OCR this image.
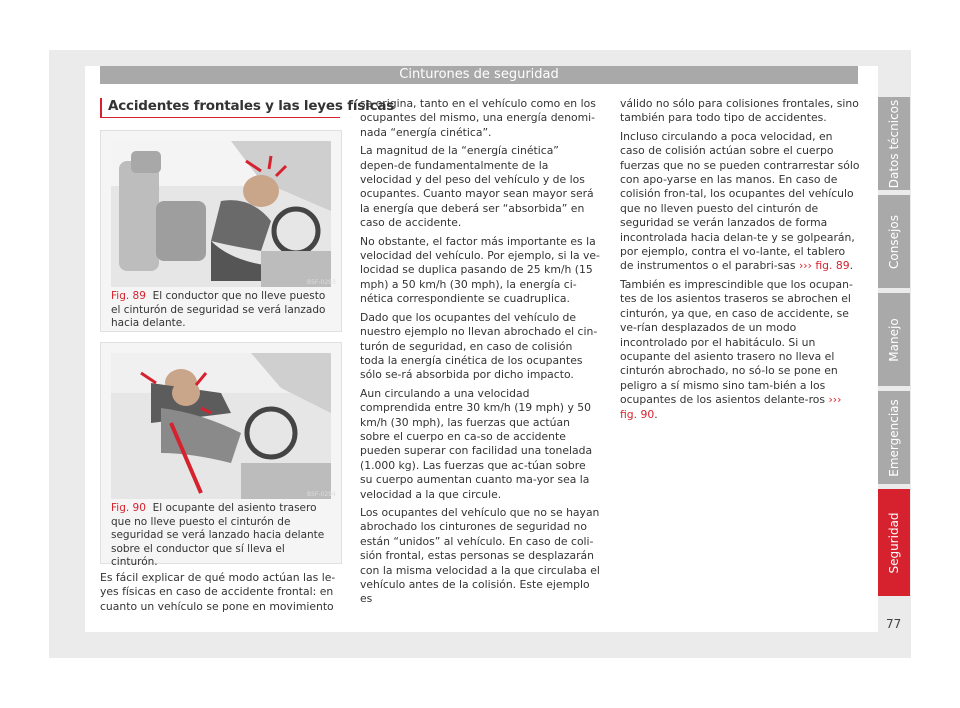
Cinturones de seguridad
Datos técnicos
Consejos
Manejo
Emergencias
Seguridad
77
Accidentes frontales y las leyes físicas
B5F-0293
Fig. 89 El conductor que no lleve puesto el cinturón de seguridad se verá lanzado hacia delante.
B5F-0294
Fig. 90 El ocupante del asiento trasero que no lleve puesto el cinturón de seguridad se verá lanzado hacia delante sobre el conductor que sí lleva el cinturón.

Es fácil explicar de qué modo actúan las le-yes físicas en caso de accidente frontal: en cuanto un vehículo se pone en movimiento

se origina, tanto en el vehículo como en los ocupantes del mismo, una energía denomi-nada “energía cinética”.

La magnitud de la “energía cinética” depen-de fundamentalmente de la velocidad y del peso del vehículo y de los ocupantes. Cuanto mayor sean mayor será la energía que deberá ser “absorbida” en caso de accidente.

No obstante, el factor más importante es la velocidad del vehículo. Por ejemplo, si la ve-locidad se duplica pasando de 25 km/h (15 mph) a 50 km/h (30 mph), la energía ci-nética correspondiente se cuadruplica.

Dado que los ocupantes del vehículo de nuestro ejemplo no llevan abrochado el cin-turón de seguridad, en caso de colisión toda la energía cinética de los ocupantes sólo se-rá absorbida por dicho impacto.

Aun circulando a una velocidad comprendida entre 30 km/h (19 mph) y 50 km/h (30 mph), las fuerzas que actúan sobre el cuerpo en ca-so de accidente pueden superar con facilidad una tonelada (1.000 kg). Las fuerzas que ac-túan sobre su cuerpo aumentan cuanto ma-yor sea la velocidad a la que circule.

Los ocupantes del vehículo que no se hayan abrochado los cinturones de seguridad no están “unidos” al vehículo. En caso de coli-sión frontal, estas personas se desplazarán con la misma velocidad a la que circulaba el vehículo antes de la colisión. Este ejemplo es

válido no sólo para colisiones frontales, sino también para todo tipo de accidentes.

Incluso circulando a poca velocidad, en caso de colisión actúan sobre el cuerpo fuerzas que no se pueden contrarrestar sólo con apo-yarse en las manos. En caso de colisión fron-tal, los ocupantes del vehículo que no lleven puesto del cinturón de seguridad se verán lanzados de forma incontrolada hacia delan-te y se golpearán, por ejemplo, contra el vo-lante, el tablero de instrumentos o el parabri-sas ››› fig. 89.

También es imprescindible que los ocupan-tes de los asientos traseros se abrochen el cinturón, ya que, en caso de accidente, se ve-rían desplazados de un modo incontrolado por el habitáculo. Si un ocupante del asiento trasero no lleva el cinturón abrochado, no só-lo se pone en peligro a sí mismo sino tam-bién a los ocupantes de los asientos delante-ros ››› fig. 90.
